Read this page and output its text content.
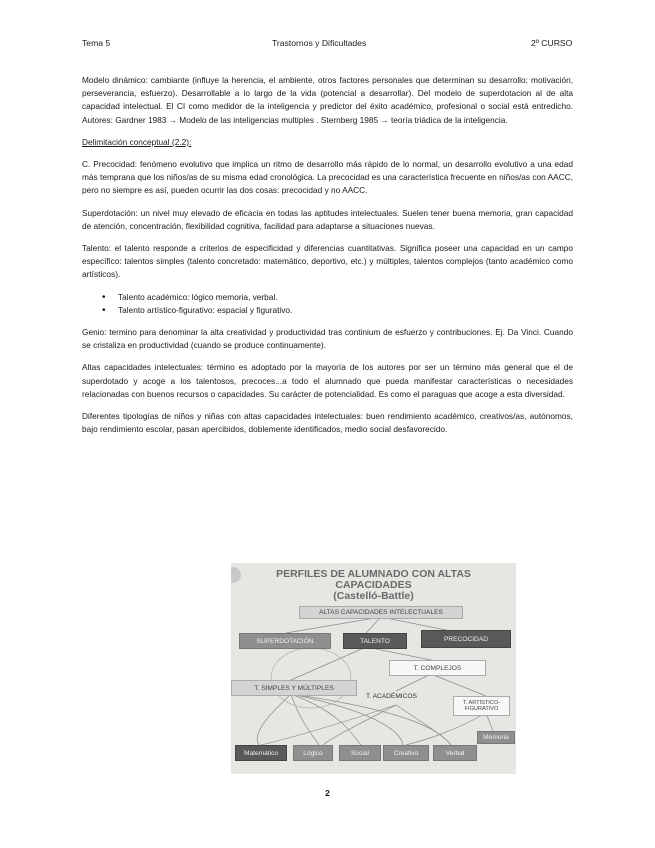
Tema 5	Trastornos y Dificultades	2º CURSO

Modelo dinámico: cambiante (influye la herencia, el ambiente, otros factores personales que determinan su desarrollo: motivación, perseverancia, esfuerzo). Desarrollable a lo largo de la vida (potencial a desarrollar). Del modelo de superdotacion al de alta capacidad intelectual. El CI como medidor de la inteligencia y predictor del éxito académico, profesional o social está entredicho. Autores: Gardner 1983 → Modelo de las inteligencias multiples . Sternberg 1985 → teoría triádica de la inteligencia.

Delimitación conceptual (2.2):

C. Precocidad: fenómeno evolutivo que implica un ritmo de desarrollo más rápido de lo normal, un desarrollo evolutivo a una edad más temprana que los niños/as de su misma edad cronológica. La precocidad es una característica frecuente en niños/as con AACC, pero no siempre es así, pueden ocurrir las dos cosas: precocidad y no AACC.

Superdotación: un nivel muy elevado de eficacia en todas las aptitudes intelectuales. Suelen tener buena memoria, gran capacidad de atención, concentración, flexibilidad cognitiva, facilidad para adaptarse a situaciones nuevas.

Talento: el talento responde a criterios de especificidad y diferencias cuantitativas. Significa poseer una capacidad en un campo específico: talentos simples (talento concretado: matemático, deportivo, etc.) y múltiples, talentos complejos (tanto académico como artísticos).

• Talento académico: lógico memoria, verbal.
• Talento artístico-figurativo: espacial y figurativo.

Genio: termino para denominar la alta creatividad y productividad tras continium de esfuerzo y contribuciones. Ej. Da Vinci. Cuando se cristaliza en productividad (cuando se produce continuamente).

Altas capacidades intelectuales: término es adoptado por la mayoría de los autores por ser un término más general que el de superdotado y acoge a los talentosos, precoces...a todo el alumnado que pueda manifestar características o necesidades relacionadas con buenos recursos o capacidades. Su carácter de potencialidad. Es como el paraguas que acoge a esta diversidad.

Diferentes tipologías de niños y niñas con altas capacidades intelectuales: buen rendimiento académico, creativos/as, autónomos, bajo rendimiento escolar, pasan apercibidos, doblemente identificados, medio social desfavorecido.

PERFILES DE ALUMNADO CON ALTAS
CAPACIDADES
(Castelló-Battle)
ALTAS CAPACIDADES INTELECTUALES
SUPERDOTACIÓN	TALENTO	PRECOCIDAD
T. COMPLEJOS
T. SIMPLES Y MÚLTIPLES
T. ACADÉMICOS
T. ARTÍSTICO-FIGURATIVO
Memoria
Matemático	Lógico	Social	Creativo	Verbal
2
